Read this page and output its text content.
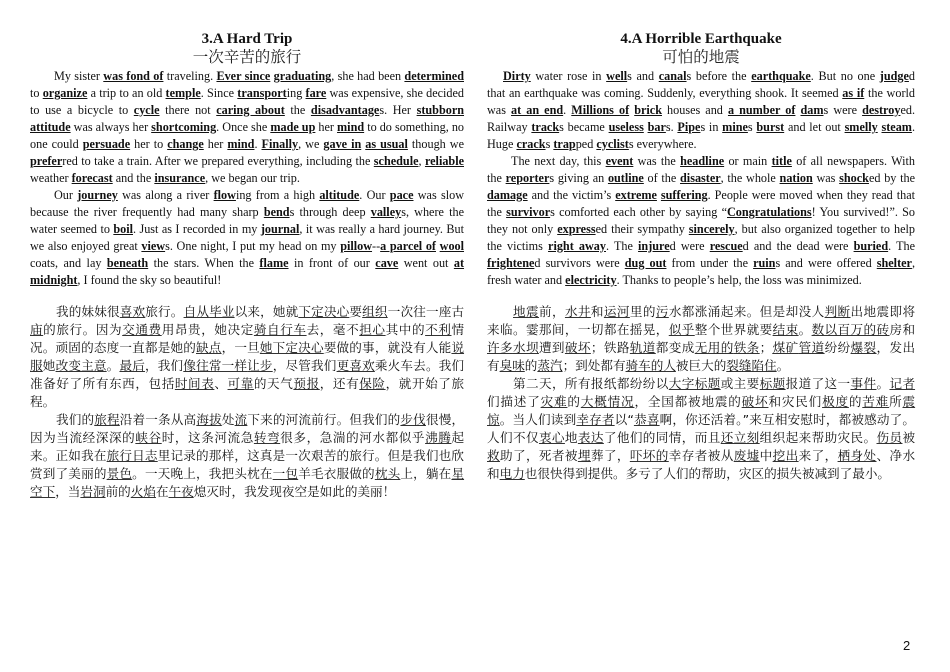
3.A Hard Trip
一次辛苦的旅行

My sister was fond of traveling. Ever since graduating, she had been determined to organize a trip to an old temple. Since transporting fare was expensive, she decided to use a bicycle to cycle there not caring about the disadvantages. Her stubborn attitude was always her shortcoming. Once she made up her mind to do something, no one could persuade her to change her mind. Finally, we gave in as usual though we preferred to take a train. After we prepared everything, including the schedule, reliable weather forecast and the insurance, we began our trip.

Our journey was along a river flowing from a high altitude. Our pace was slow because the river frequently had many sharp bends through deep valleys, where the water seemed to boil. Just as I recorded in my journal, it was really a hard journey. But we also enjoyed great views. One night, I put my head on my pillow--a parcel of wool coats, and lay beneath the stars. When the flame in front of our cave went out at midnight, I found the sky so beautiful!

我的妹妹很喜欢旅行。自从毕业以来，她就下定决心要组织一次往一座古庙的旅行。因为交通费用昂贵，她决定骑自行车去，毫不担心其中的不利情况。顽固的态度一直都是她的缺点，一旦她下定决心要做的事，就没有人能说服她改变主意。最后，我们像往常一样让步，尽管我们更喜欢乘火车去。我们准备好了所有东西，包括时间表、可靠的天气预报，还有保险，就开始了旅程。

我们的旅程沿着一条从高海拔处流下来的河流前行。但我们的步伐很慢，因为当流经深深的峡谷时，这条河流急转弯很多，急湍的河水都似乎沸腾起来。正如我在旅行日志里记录的那样，这真是一次艰苦的旅行。但是我们也欣赏到了美丽的景色。一天晚上，我把头枕在一包羊毛衣服做的枕头上，躺在星空下，当岩洞前的火焰在午夜熄灭时，我发现夜空是如此的美丽！

4.A Horrible Earthquake
可怕的地震

Dirty water rose in wells and canals before the earthquake. But no one judged that an earthquake was coming. Suddenly, everything shook. It seemed as if the world was at an end. Millions of brick houses and a number of dams were destroyed. Railway tracks became useless bars. Pipes in mines burst and let out smelly steam. Huge cracks trapped cyclists everywhere.

The next day, this event was the headline or main title of all newspapers. With the reporters giving an outline of the disaster, the whole nation was shocked by the damage and the victim’s extreme suffering. People were moved when they read that the survivors comforted each other by saying “Congratulations! You survived!”. So they not only expressed their sympathy sincerely, but also organized together to help the victims right away. The injured were rescued and the dead were buried. The frightened survivors were dug out from under the ruins and were offered shelter, fresh water and electricity. Thanks to people’s help, the loss was minimized.

地震前，水井和运河里的污水都涨涌起来。但是却没人判断出地震即将来临。霎那间，一切都在摇晃，似乎整个世界就要结束。数以百万的砖房和许多水坝遭到破坏；铁路轨道都变成无用的铁条；煤矿管道纷纷爆裂，发出有臭味的蒸汽；到处都有骑车的人被巨大的裂缝陷住。

第二天，所有报纸都纷纷以大字标题或主要标题报道了这一事件。记者们描述了灾难的大概情况，全国都被地震的破坏和灾民们极度的苦难所震惊。当人们读到幸存者以“恭喜啊，你还活着。”来互相安慰时，都被感动了。人们不仅衷心地表达了他们的同情，而且还立刻组织起来帮助灾民。伤员被救助了，死者被埋葬了，吓坏的幸存者被从废墟中挖出来了，栖身处、净水和电力也很快得到提供。多亏了人们的帮助，灾区的损失被减到了最小。

2
